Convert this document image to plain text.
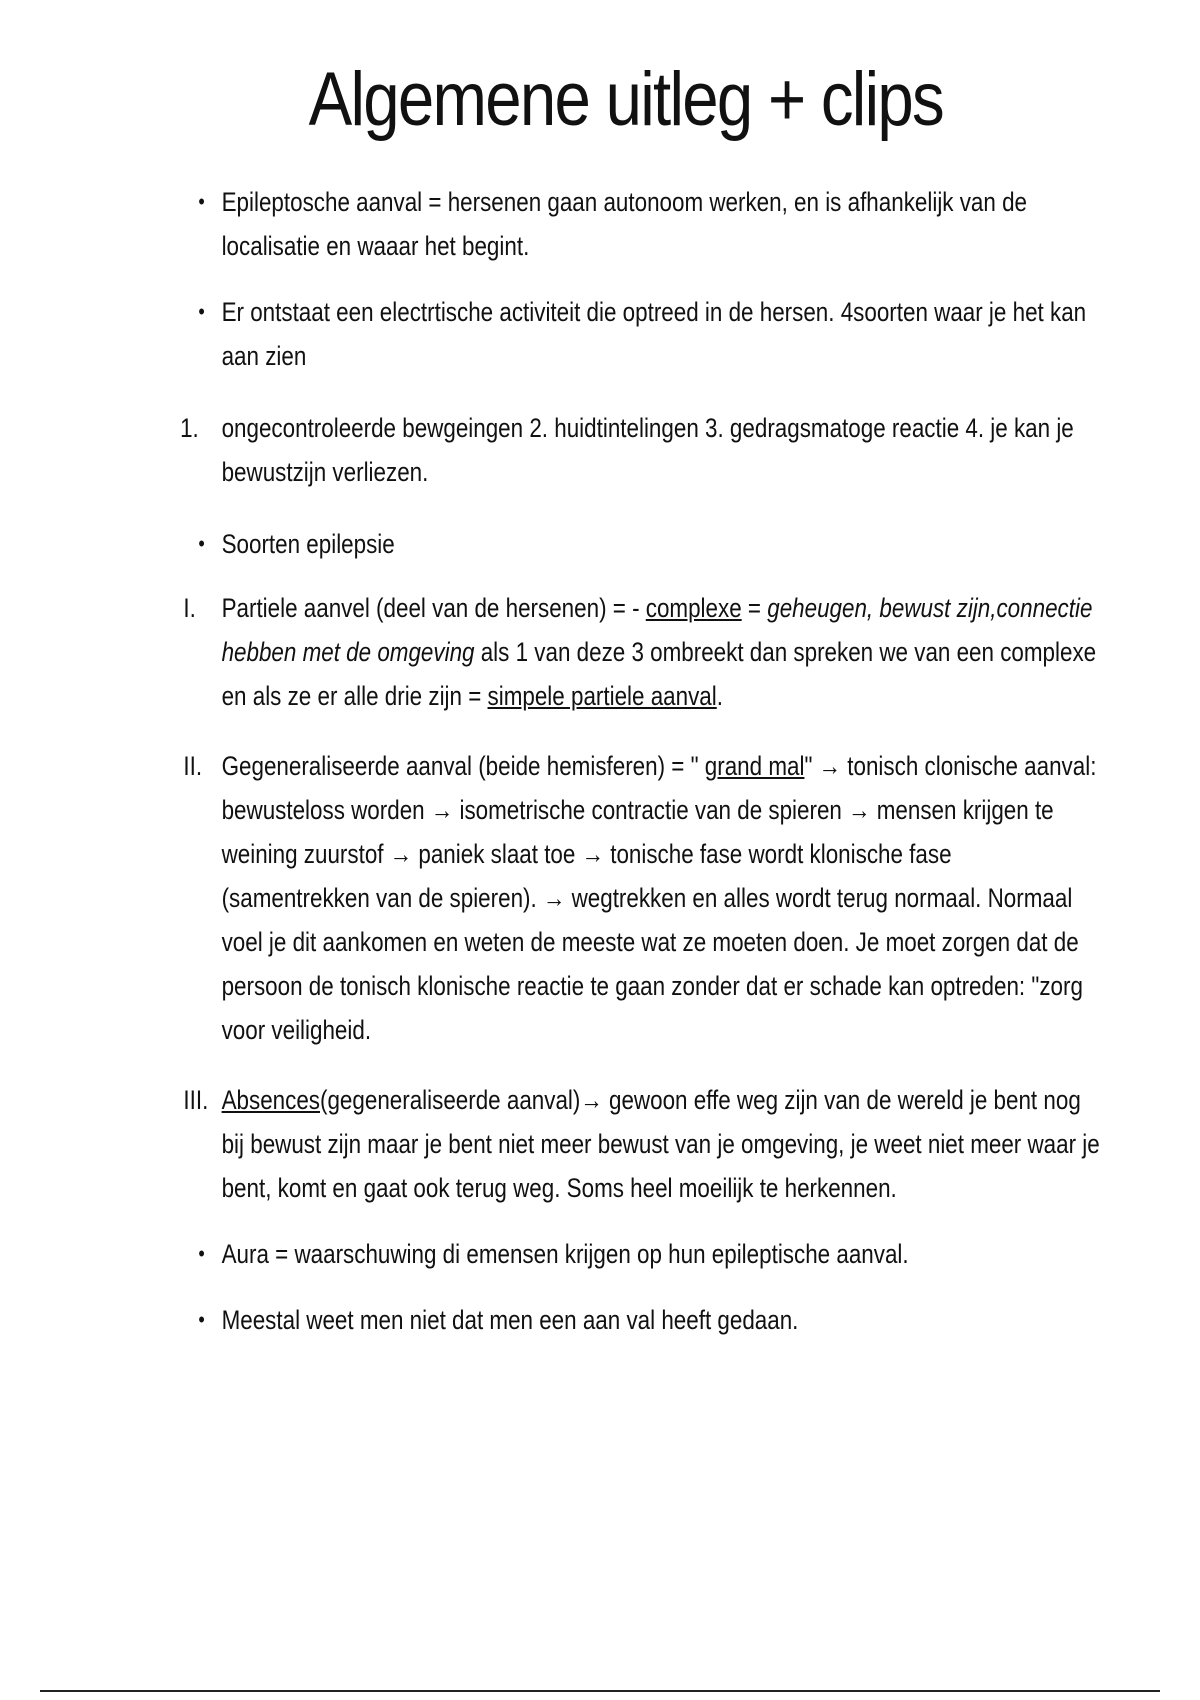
Algemene uitleg + clips

• Epileptosche aanval = hersenen gaan autonoom werken, en is afhankelijk van de localisatie en waaar het begint.

• Er ontstaat een electrtische activiteit die optreed in de hersen. 4soorten waar je het kan aan zien

1. ongecontroleerde bewgeingen 2. huidtintelingen 3. gedragsmatoge reactie 4. je kan je bewustzijn verliezen.

• Soorten epilepsie

I. Partiele aanvel (deel van de hersenen) = - complexe = geheugen, bewust zijn,connectie hebben met de omgeving als 1 van deze 3 ombreekt dan spreken we van een complexe en als ze er alle drie zijn = simpele partiele aanval.

II. Gegeneraliseerde aanval (beide hemisferen) = " grand mal" → tonisch clonische aanval: bewusteloss worden → isometrische contractie van de spieren → mensen krijgen te weining zuurstof → paniek slaat toe → tonische fase wordt klonische fase (samentrekken van de spieren). → wegtrekken en alles wordt terug normaal. Normaal voel je dit aankomen en weten de meeste wat ze moeten doen. Je moet zorgen dat de persoon de tonisch klonische reactie te gaan zonder dat er schade kan optreden: "zorg voor veiligheid.

III. Absences(gegeneraliseerde aanval)→ gewoon effe weg zijn van de wereld je bent nog bij bewust zijn maar je bent niet meer bewust van je omgeving, je weet niet meer waar je bent, komt en gaat ook terug weg. Soms heel moeilijk te herkennen.

• Aura = waarschuwing di emensen krijgen op hun epileptische aanval.

• Meestal weet men niet dat men een aan val heeft gedaan.
